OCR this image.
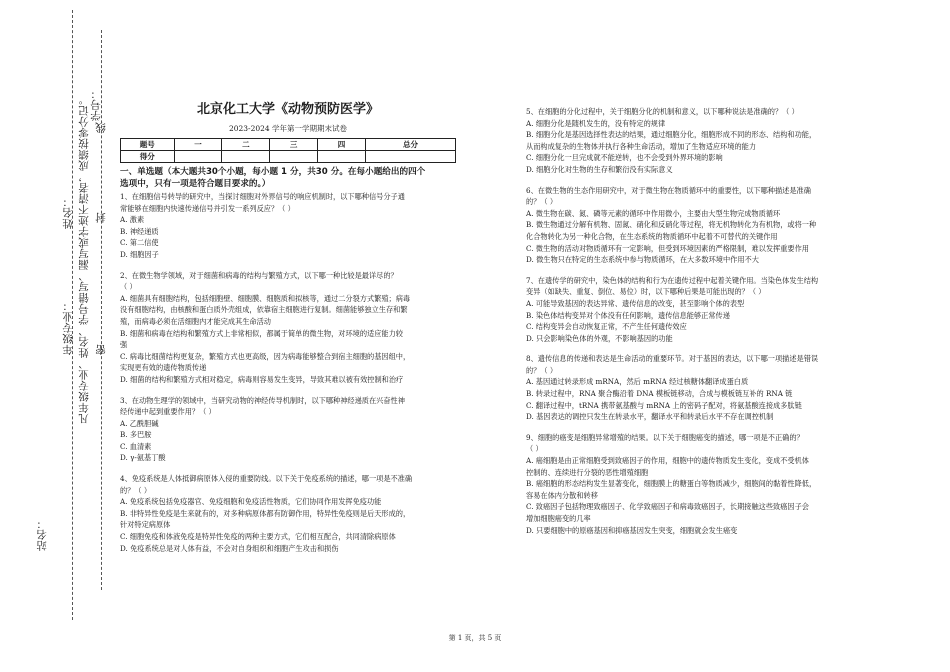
学号：
线
姓名： 凡年级专业、姓名、学号错写、漏写或字迹不清者，成绩按零分记。 封
年级专业： 密
站名：
北京化工大学《动物预防医学》
2023-2024 学年第一学期期末试卷
题号	一	二	三	四	总分
得分					
一、单选题（本大题共30个小题，每小题 1 分，共30 分。在每小题给出的四个
选项中，只有一项是符合题目要求的。）
1、在细胞信号转导的研究中，当探讨细胞对外界信号的响应机制时，以下哪种信号分子通
常能够在细胞内快速传递信号并引发一系列反应？（ ）
A. 激素
B. 神经递质
C. 第二信使
D. 细胞因子
2、在微生物学领域，对于细菌和病毒的结构与繁殖方式，以下哪一种比较是最详尽的？
（ ）
A. 细菌具有细胞结构，包括细胞壁、细胞膜、细胞质和拟核等，通过二分裂方式繁殖；病毒
没有细胞结构，由核酸和蛋白质外壳组成，依靠宿主细胞进行复制。细菌能够独立生存和繁
殖，而病毒必须在活细胞内才能完成其生命活动
B. 细菌和病毒在结构和繁殖方式上非常相似，都属于简单的微生物，对环境的适应能力较
强
C. 病毒比细菌结构更复杂，繁殖方式也更高级，因为病毒能够整合到宿主细胞的基因组中，
实现更有效的遗传物质传递
D. 细菌的结构和繁殖方式相对稳定，病毒则容易发生变异，导致其难以被有效控制和治疗
3、在动物生理学的领域中，当研究动物的神经传导机制时，以下哪种神经递质在兴奋性神
经传递中起到重要作用？（ ）
A. 乙酰胆碱
B. 多巴胺
C. 血清素
D. γ-氨基丁酸
4、免疫系统是人体抵御病原体入侵的重要防线。以下关于免疫系统的描述，哪一项是不准确
的？（ ）
A. 免疫系统包括免疫器官、免疫细胞和免疫活性物质，它们协同作用发挥免疫功能
B. 非特异性免疫是生来就有的，对多种病原体都有防御作用，特异性免疫则是后天形成的，
针对特定病原体
C. 细胞免疫和体液免疫是特异性免疫的两种主要方式，它们相互配合，共同清除病原体
D. 免疫系统总是对人体有益，不会对自身组织和细胞产生攻击和损伤
5、在细胞的分化过程中，关于细胞分化的机制和意义，以下哪种说法是准确的？（ ）
A. 细胞分化是随机发生的，没有特定的规律
B. 细胞分化是基因选择性表达的结果，通过细胞分化，细胞形成不同的形态、结构和功能，
从而构成复杂的生物体并执行各种生命活动，增加了生物适应环境的能力
C. 细胞分化一旦完成就不能逆转，也不会受到外界环境的影响
D. 细胞分化对生物的生存和繁衍没有实际意义
6、在微生物的生态作用研究中，对于微生物在物质循环中的重要性，以下哪种描述是准确
的？（ ）
A. 微生物在碳、氮、磷等元素的循环中作用微小，主要由大型生物完成物质循环
B. 微生物通过分解有机物、固氮、硝化和反硝化等过程，将无机物转化为有机物，或将一种
化合物转化为另一种化合物，在生态系统的物质循环中起着不可替代的关键作用
C. 微生物的活动对物质循环有一定影响，但受到环境因素的严格限制，难以发挥重要作用
D. 微生物只在特定的生态系统中参与物质循环，在大多数环境中作用不大
7、在遗传学的研究中，染色体的结构和行为在遗传过程中起着关键作用。当染色体发生结构
变异（如缺失、重复、倒位、易位）时，以下哪种后果是可能出现的？（ ）
A. 可能导致基因的表达异常、遗传信息的改变，甚至影响个体的表型
B. 染色体结构变异对个体没有任何影响，遗传信息能够正常传递
C. 结构变异会自动恢复正常，不产生任何遗传效应
D. 只会影响染色体的外观，不影响基因的功能
8、遗传信息的传递和表达是生命活动的重要环节。对于基因的表达，以下哪一项描述是错误
的？（ ）
A. 基因通过转录形成 mRNA，然后 mRNA 经过核糖体翻译成蛋白质
B. 转录过程中，RNA 聚合酶沿着 DNA 模板链移动，合成与模板链互补的 RNA 链
C. 翻译过程中，tRNA 携带氨基酸与 mRNA 上的密码子配对，将氨基酸连接成多肽链
D. 基因表达的调控只发生在转录水平，翻译水平和转录后水平不存在调控机制
9、细胞的癌变是细胞异常增殖的结果。以下关于细胞癌变的描述，哪一项是不正确的？
（ ）
A. 癌细胞是由正常细胞受到致癌因子的作用，细胞中的遗传物质发生变化，变成不受机体
控制的、连续进行分裂的恶性增殖细胞
B. 癌细胞的形态结构发生显著变化，细胞膜上的糖蛋白等物质减少，细胞间的黏着性降低，
容易在体内分散和转移
C. 致癌因子包括物理致癌因子、化学致癌因子和病毒致癌因子，长期接触这些致癌因子会
增加细胞癌变的几率
D. 只要细胞中的原癌基因和抑癌基因发生突变，细胞就会发生癌变
第 1 页，共 5 页
